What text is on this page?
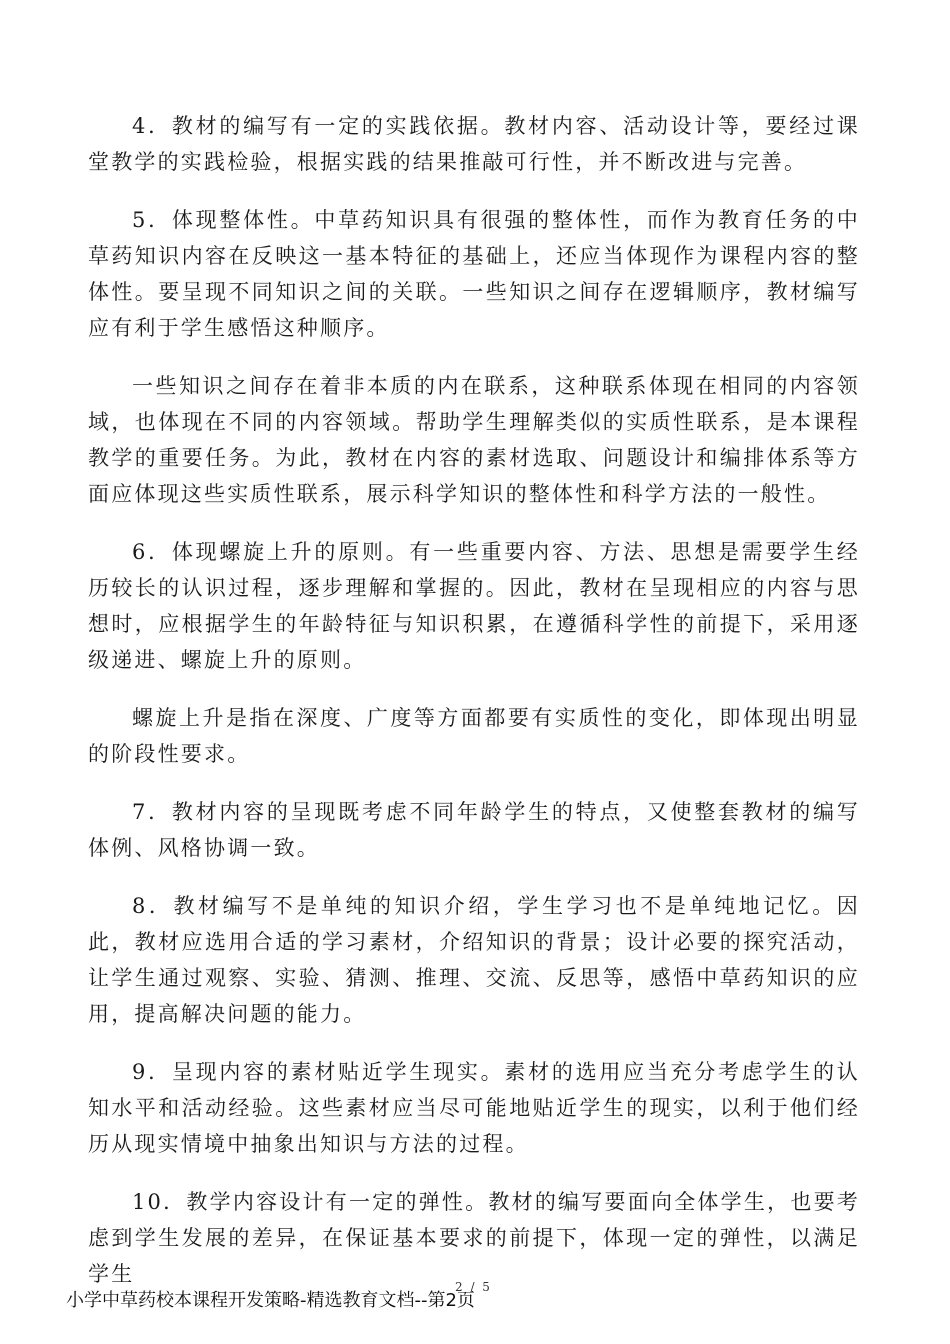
4．教材的编写有一定的实践依据。教材内容、活动设计等，要经过课堂教学的实践检验，根据实践的结果推敲可行性，并不断改进与完善。

5．体现整体性。中草药知识具有很强的整体性，而作为教育任务的中草药知识内容在反映这一基本特征的基础上，还应当体现作为课程内容的整体性。要呈现不同知识之间的关联。一些知识之间存在逻辑顺序，教材编写应有利于学生感悟这种顺序。

一些知识之间存在着非本质的内在联系，这种联系体现在相同的内容领域，也体现在不同的内容领域。帮助学生理解类似的实质性联系，是本课程教学的重要任务。为此，教材在内容的素材选取、问题设计和编排体系等方面应体现这些实质性联系，展示科学知识的整体性和科学方法的一般性。

6．体现螺旋上升的原则。有一些重要内容、方法、思想是需要学生经历较长的认识过程，逐步理解和掌握的。因此，教材在呈现相应的内容与思想时，应根据学生的年龄特征与知识积累，在遵循科学性的前提下，采用逐级递进、螺旋上升的原则。

螺旋上升是指在深度、广度等方面都要有实质性的变化，即体现出明显的阶段性要求。

7．教材内容的呈现既考虑不同年龄学生的特点，又使整套教材的编写体例、风格协调一致。

8．教材编写不是单纯的知识介绍，学生学习也不是单纯地记忆。因此，教材应选用合适的学习素材，介绍知识的背景；设计必要的探究活动，让学生通过观察、实验、猜测、推理、交流、反思等，感悟中草药知识的应用，提高解决问题的能力。

9．呈现内容的素材贴近学生现实。素材的选用应当充分考虑学生的认知水平和活动经验。这些素材应当尽可能地贴近学生的现实，以利于他们经历从现实情境中抽象出知识与方法的过程。

10．教学内容设计有一定的弹性。教材的编写要面向全体学生，也要考虑到学生发展的差异，在保证基本要求的前提下，体现一定的弹性，以满足学生

小学中草药校本课程开发策略-精选教育文档--第2页
2 / 5
